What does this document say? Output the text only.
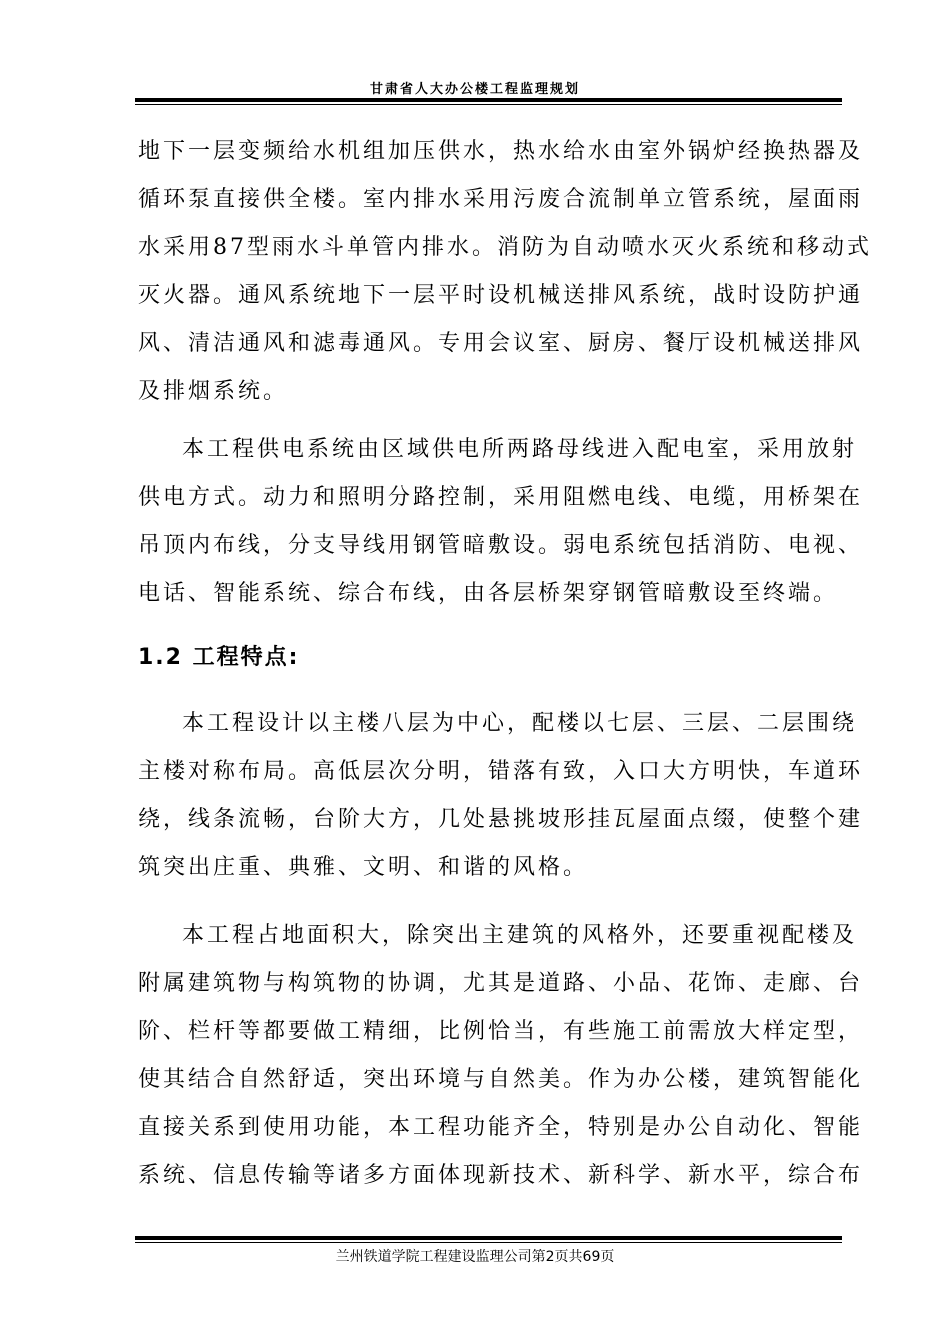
甘肃省人大办公楼工程监理规划
地下一层变频给水机组加压供水，热水给水由室外锅炉经换热器及
循环泵直接供全楼。室内排水采用污废合流制单立管系统，屋面雨
水采用87型雨水斗单管内排水。消防为自动喷水灭火系统和移动式
灭火器。通风系统地下一层平时设机械送排风系统，战时设防护通
风、清洁通风和滤毒通风。专用会议室、厨房、餐厅设机械送排风
及排烟系统。
本工程供电系统由区域供电所两路母线进入配电室，采用放射
供电方式。动力和照明分路控制，采用阻燃电线、电缆，用桥架在
吊顶内布线，分支导线用钢管暗敷设。弱电系统包括消防、电视、
电话、智能系统、综合布线，由各层桥架穿钢管暗敷设至终端。
1.2 工程特点:
本工程设计以主楼八层为中心，配楼以七层、三层、二层围绕
主楼对称布局。高低层次分明，错落有致，入口大方明快，车道环
绕，线条流畅，台阶大方，几处悬挑坡形挂瓦屋面点缀，使整个建
筑突出庄重、典雅、文明、和谐的风格。
本工程占地面积大，除突出主建筑的风格外，还要重视配楼及
附属建筑物与构筑物的协调，尤其是道路、小品、花饰、走廊、台
阶、栏杆等都要做工精细，比例恰当，有些施工前需放大样定型，
使其结合自然舒适，突出环境与自然美。作为办公楼，建筑智能化
直接关系到使用功能，本工程功能齐全，特别是办公自动化、智能
系统、信息传输等诸多方面体现新技术、新科学、新水平，综合布
兰州铁道学院工程建设监理公司第2页共69页
